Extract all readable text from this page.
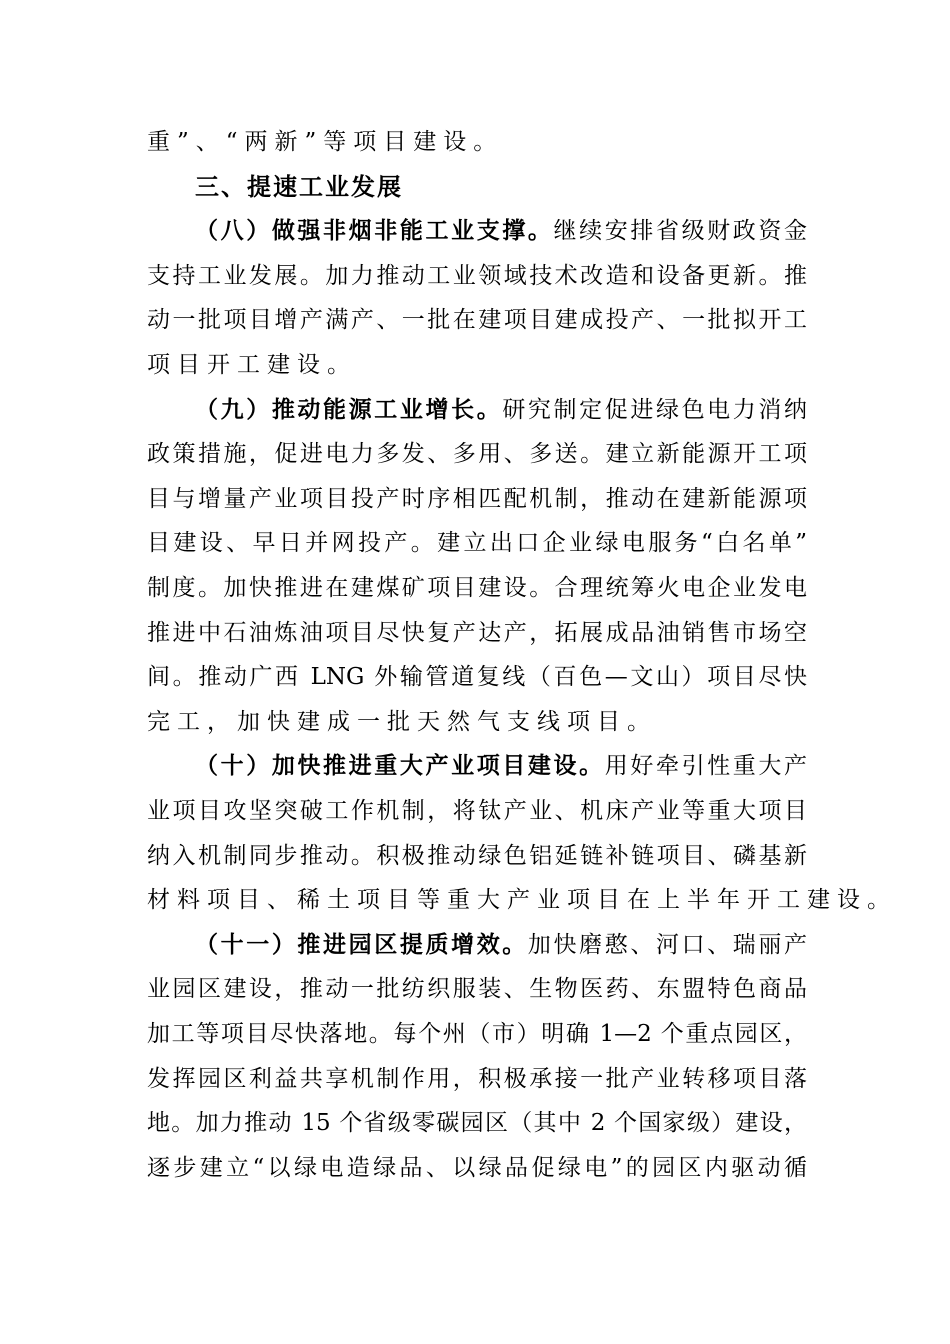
重”、“两新”等项目建设。
三、提速工业发展
（八）做强非烟非能工业支撑。继续安排省级财政资金
支持工业发展。加力推动工业领域技术改造和设备更新。推
动一批项目增产满产、一批在建项目建成投产、一批拟开工
项目开工建设。
（九）推动能源工业增长。研究制定促进绿色电力消纳
政策措施，促进电力多发、多用、多送。建立新能源开工项
目与增量产业项目投产时序相匹配机制，推动在建新能源项
目建设、早日并网投产。建立出口企业绿电服务“白名单”
制度。加快推进在建煤矿项目建设。合理统筹火电企业发电
推进中石油炼油项目尽快复产达产，拓展成品油销售市场空
间。推动广西 LNG 外输管道复线（百色—文山）项目尽快
完工，加快建成一批天然气支线项目。
（十）加快推进重大产业项目建设。用好牵引性重大产
业项目攻坚突破工作机制，将钛产业、机床产业等重大项目
纳入机制同步推动。积极推动绿色铝延链补链项目、磷基新
材料项目、稀土项目等重大产业项目在上半年开工建设。
（十一）推进园区提质增效。加快磨憨、河口、瑞丽产
业园区建设，推动一批纺织服装、生物医药、东盟特色商品
加工等项目尽快落地。每个州（市）明确 1—2 个重点园区，
发挥园区利益共享机制作用，积极承接一批产业转移项目落
地。加力推动 15 个省级零碳园区（其中 2 个国家级）建设，
逐步建立“以绿电造绿品、以绿品促绿电”的园区内驱动循
